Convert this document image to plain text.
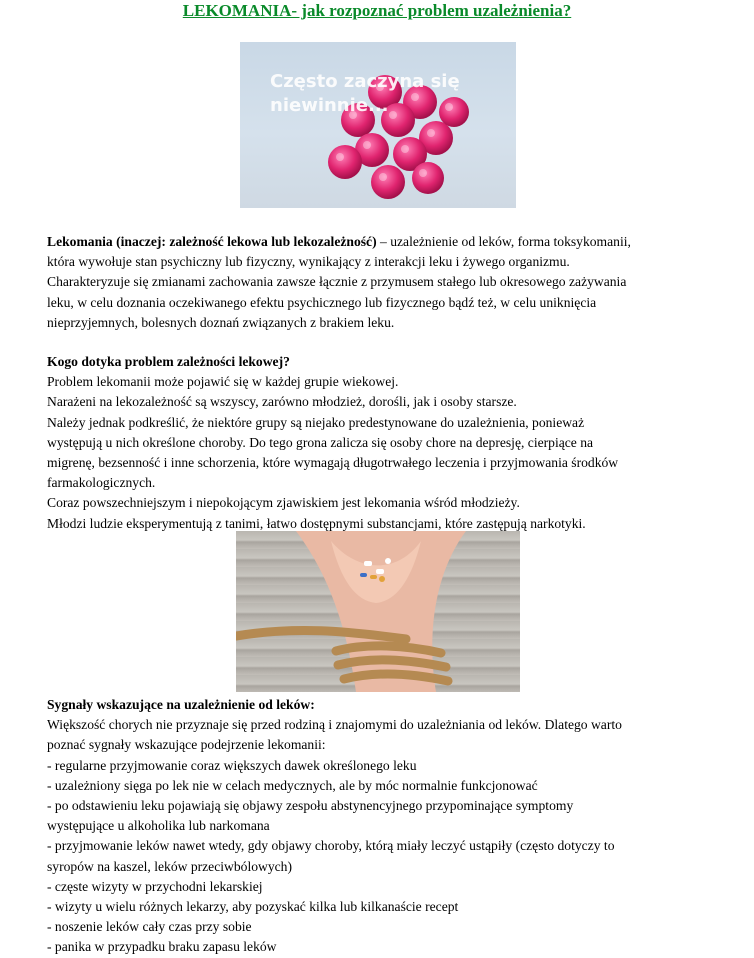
LEKOMANIA- jak rozpoznać problem uzależnienia?
Często zaczyna się
niewinnie...
Lekomania (inaczej: zależność lekowa lub lekozależność) – uzależnienie od leków, forma toksykomanii,
która wywołuje stan psychiczny lub fizyczny, wynikający z interakcji leku i żywego organizmu.
Charakteryzuje się zmianami zachowania zawsze łącznie z przymusem stałego lub okresowego zażywania
leku, w celu doznania oczekiwanego efektu psychicznego lub fizycznego bądź też, w celu uniknięcia
nieprzyjemnych, bolesnych doznań związanych z brakiem leku.
Kogo dotyka problem zależności lekowej?
Problem lekomanii może pojawić się w każdej grupie wiekowej.
Narażeni na lekozależność są wszyscy, zarówno młodzież, dorośli, jak i osoby starsze.
Należy jednak podkreślić, że niektóre grupy są niejako predestynowane do uzależnienia, ponieważ
występują u nich określone choroby. Do tego grona zalicza się osoby chore na depresję, cierpiące na
migrenę, bezsenność i inne schorzenia, które wymagają długotrwałego leczenia i przyjmowania środków
farmakologicznych.
Coraz powszechniejszym i niepokojącym zjawiskiem jest lekomania wśród młodzieży.
Młodzi ludzie eksperymentują z tanimi, łatwo dostępnymi substancjami, które zastępują narkotyki.
Sygnały wskazujące na uzależnienie od leków:
Większość chorych nie przyznaje się przed rodziną i znajomymi do uzależniania od leków. Dlatego warto
poznać sygnały wskazujące podejrzenie lekomanii:
- regularne przyjmowanie coraz większych dawek określonego leku
- uzależniony sięga po lek nie w celach medycznych, ale by móc normalnie funkcjonować
- po odstawieniu leku pojawiają się objawy zespołu abstynencyjnego przypominające symptomy
występujące u alkoholika lub narkomana
- przyjmowanie leków nawet wtedy, gdy objawy choroby, którą miały leczyć ustąpiły (często dotyczy to
syropów na kaszel, leków przeciwbólowych)
- częste wizyty w przychodni lekarskiej
- wizyty u wielu różnych lekarzy, aby pozyskać kilka lub kilkanaście recept
- noszenie leków cały czas przy sobie
- panika w przypadku braku zapasu leków
